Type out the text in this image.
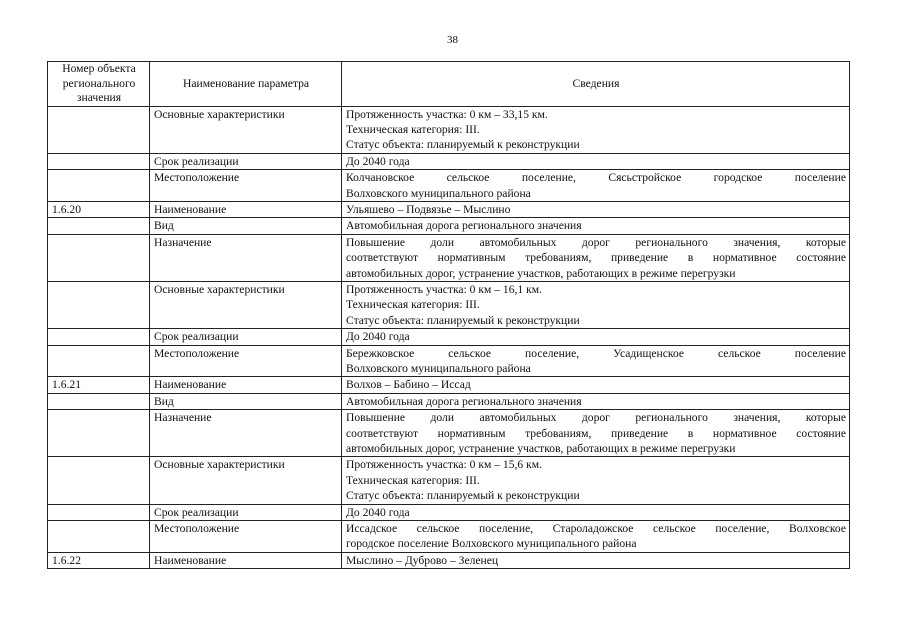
38
Номер объекта регионального значения	Наименование параметра	Сведения
	Основные характеристики	Протяженность участка: 0 км – 33,15 км.
Техническая категория: III.
Статус объекта: планируемый к реконструкции

	Срок реализации	До 2040 года

	Местоположение	Колчановское сельское поселение, Сясьстройское городское поселение
Волховского муниципального района

1.6.20	Наименование	Ульяшево – Подвязье – Мыслино

	Вид	Автомобильная дорога регионального значения

	Назначение	Повышение доли автомобильных дорог регионального значения, которые
соответствуют нормативным требованиям, приведение в нормативное состояние
автомобильных дорог, устранение участков, работающих в режиме перегрузки

	Основные характеристики	Протяженность участка: 0 км – 16,1 км.
Техническая категория: III.
Статус объекта: планируемый к реконструкции

	Срок реализации	До 2040 года

	Местоположение	Бережковское сельское поселение, Усадищенское сельское поселение
Волховского муниципального района

1.6.21	Наименование	Волхов – Бабино – Иссад

	Вид	Автомобильная дорога регионального значения

	Назначение	Повышение доли автомобильных дорог регионального значения, которые
соответствуют нормативным требованиям, приведение в нормативное состояние
автомобильных дорог, устранение участков, работающих в режиме перегрузки

	Основные характеристики	Протяженность участка: 0 км – 15,6 км.
Техническая категория: III.
Статус объекта: планируемый к реконструкции

	Срок реализации	До 2040 года

	Местоположение	Иссадское сельское поселение, Староладожское сельское поселение, Волховское
городское поселение Волховского муниципального района

1.6.22	Наименование	Мыслино – Дуброво – Зеленец
